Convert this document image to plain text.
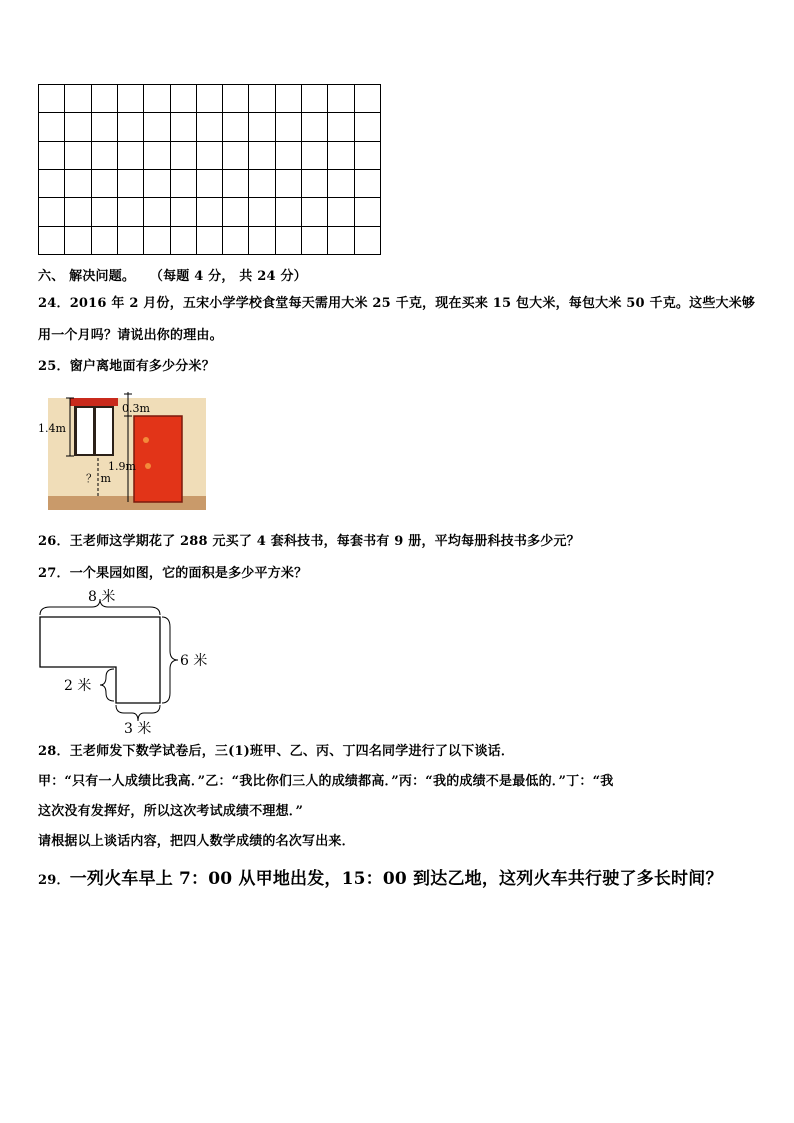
六、 解决问题。 （每题 4 分， 共 24 分）
24．2016 年 2 月份，五宋小学学校食堂每天需用大米 25 千克，现在买来 15 包大米，每包大米 50 千克。这些大米够
用一个月吗？请说出你的理由。
25．窗户离地面有多少分米？
0.3m
1.4m
1.9m
？ m
26．王老师这学期花了 288 元买了 4 套科技书，每套书有 9 册，平均每册科技书多少元？
27．一个果园如图，它的面积是多少平方米？
8 米
6 米
2 米
3 米
28．王老师发下数学试卷后，三(1)班甲、乙、丙、丁四名同学进行了以下谈话．
甲：“只有一人成绩比我高．”乙：“我比你们三人的成绩都高．”丙：“我的成绩不是最低的．”丁：“我
这次没有发挥好，所以这次考试成绩不理想．”
请根据以上谈话内容，把四人数学成绩的名次写出来．
29．一列火车早上 7：00 从甲地出发，15：00 到达乙地，这列火车共行驶了多长时间？
